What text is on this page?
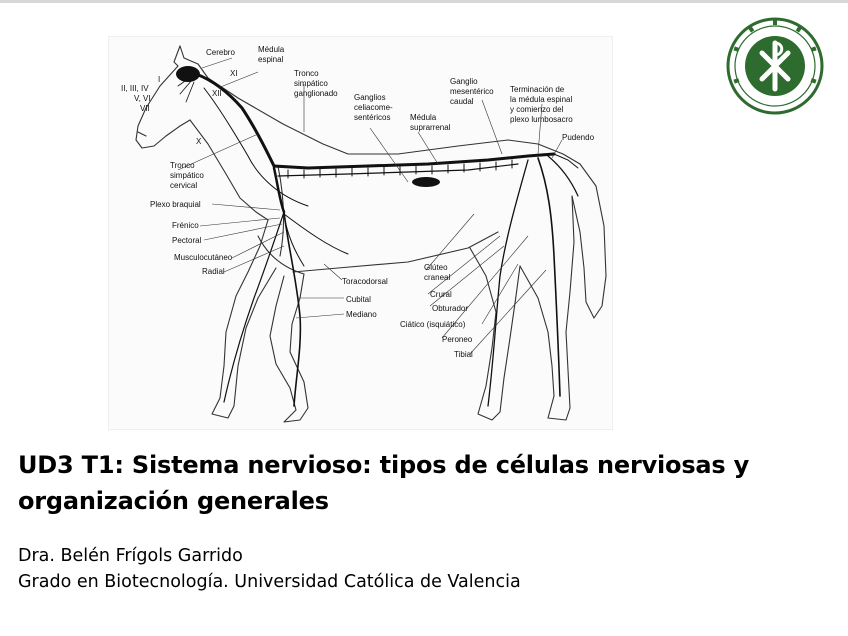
Cerebro	Médula
espinal
Tronco
simpático
ganglionado Ganglios
celiacome-
sentéricos Médula
suprarrenal
Ganglio
mesentérico
caudal
Terminación de
la médula espinal
y comienzo del
plexo lumbosacro
Pudendo
XI
XII
X
I
II, III, IV
V, VI
VII
Tronco
simpático
cervical
Plexo braquial
Frénico
Pectoral
Musculocutáneo
Radial
Toracodorsal
Cubital
Mediano
Glúteo
craneal
Crural
Obturador
Ciático (isquiático)
Peroneo
Tibial
UD3 T1: Sistema nervioso: tipos de células nerviosas y
organización generales

Dra. Belén Frígols Garrido
Grado en Biotecnología. Universidad Católica de Valencia
